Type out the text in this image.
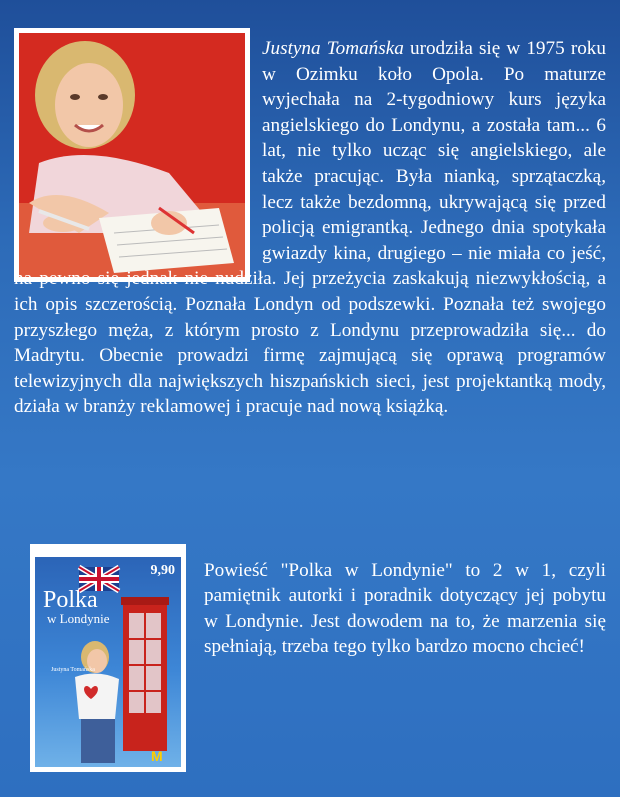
Justyna Tomańska urodziła się w 1975 roku w Ozimku koło Opola. Po maturze wyjechała na 2-tygodniowy kurs języka angielskiego do Londynu, a została tam... 6 lat, nie tylko ucząc się angielskiego, ale także pracując. Była nianką, sprzątaczką, lecz także bezdomną, ukrywającą się przed policją emigrantką. Jednego dnia spotykała gwiazdy kina, drugiego – nie miała co jeść, na pewno się jednak nie nudziła. Jej przeżycia zaskakują niezwykłością, a ich opis szczerością. Poznała Londyn od podszewki. Poznała też swojego przyszłego męża, z którym prosto z Londynu przeprowadziła się... do Madrytu. Obecnie prowadzi firmę zajmującą się oprawą programów telewizyjnych dla największych hiszpańskich sieci, jest projektantką mody, działa w branży reklamowej i pracuje nad nową książką.
M
9,90
Polka
w Londynie
Justyna Tomańska
Powieść "Polka w Londynie" to 2 w 1, czyli pamiętnik autorki i poradnik dotyczący jej pobytu w Londynie. Jest dowodem na to, że marzenia się spełniają, trzeba tego tylko bardzo mocno chcieć!
